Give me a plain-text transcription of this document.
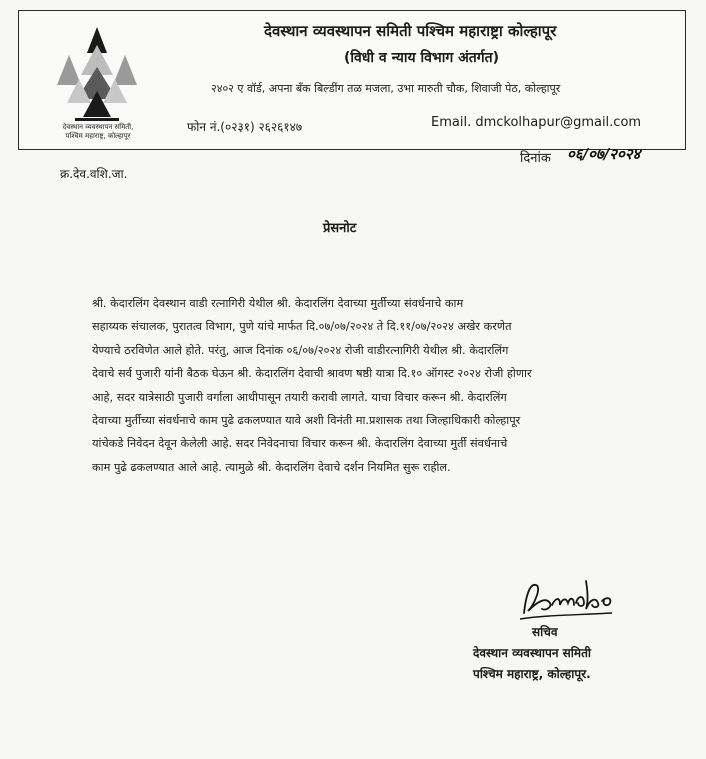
देवस्थान व्यवस्थापन समिती,
पश्चिम महाराष्ट्र, कोल्हापूर
देवस्थान व्यवस्थापन समिती पश्चिम महाराष्ट्रा कोल्हापूर
(विधी व न्याय विभाग अंतर्गत)
२४०२ ए वॉर्ड, अपना बँक बिल्डींग तळ मजला, उभा मारुती चौक, शिवाजी पेठ, कोल्हापूर
फोन नं.(०२३१) २६२६१४७	Email. dmckolhapur@gmail.com
क्र.देव.वशि.जा.
दिनांक ०६/०७/२०२४
प्रेसनोट

श्री. केदारलिंग देवस्थान वाडी रत्नागिरी येथील श्री. केदारलिंग देवाच्या मुर्तीच्या संवर्धनाचे काम
सहाय्यक संचालक, पुरातत्व विभाग, पुणे यांचे मार्फत दि.०७/०७/२०२४ ते दि.११/०७/२०२४ अखेर करणेत
येण्याचे ठरविणेत आले होते. परंतु, आज दिनांक ०६/०७/२०२४ रोजी वाडीरत्नागिरी येथील श्री. केदारलिंग
देवाचे सर्व पुजारी यांनी बैठक घेऊन श्री. केदारलिंग देवाची श्रावण षष्ठी यात्रा दि.१० ऑगस्ट २०२४ रोजी होणार
आहे, सदर यात्रेसाठी पुजारी वर्गाला आधीपासून तयारी करावी लागते. याचा विचार करून श्री. केदारलिंग
देवाच्या मुर्तीच्या संवर्धनाचे काम पुढे ढकलण्यात यावे अशी विनंती मा.प्रशासक तथा जिल्हाधिकारी कोल्हापूर
यांचेकडे निवेदन देवून केलेली आहे. सदर निवेदनाचा विचार करून श्री. केदारलिंग देवाच्या मुर्ती संवर्धनाचे
काम पुढे ढकलण्यात आले आहे. त्यामुळे श्री. केदारलिंग देवाचे दर्शन नियमित सुरू राहील.

सचिव
देवस्थान व्यवस्थापन समिती
पश्चिम महाराष्ट्र, कोल्हापूर.
